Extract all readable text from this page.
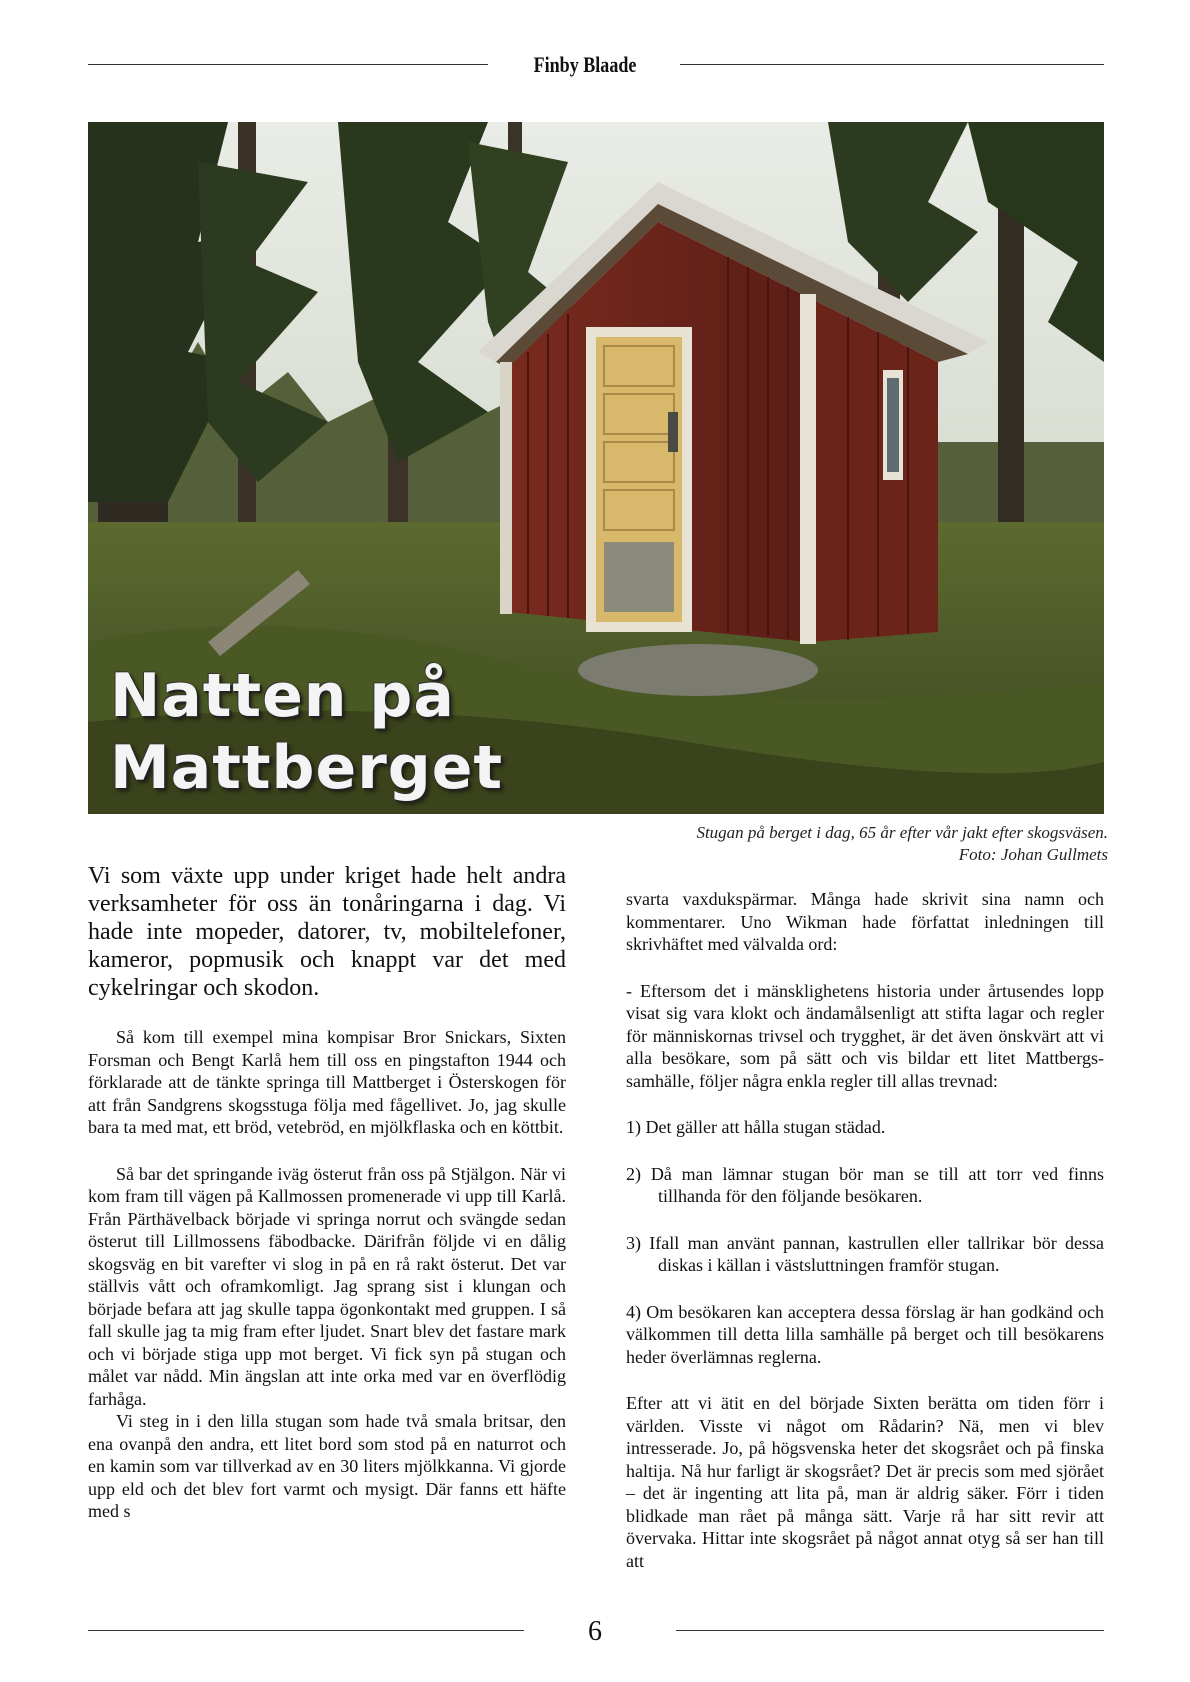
Finby Blaade
Natten på
Mattberget
Stugan på berget i dag, 65 år efter vår jakt efter skogsväsen.
Foto: Johan Gullmets

Vi som växte upp under kriget hade helt andra verksamheter för oss än tonåringarna i dag. Vi hade inte mopeder, datorer, tv, mobiltelefoner, kameror, popmusik och knappt var det med cykelringar och skodon.

Så kom till exempel mina kompisar Bror Snickars, Sixten Forsman och Bengt Karlå hem till oss en pingstafton 1944 och förklarade att de tänkte springa till Mattberget i Österskogen för att från Sandgrens skogsstuga följa med fågellivet. Jo, jag skulle bara ta med mat, ett bröd, vetebröd, en mjölkflaska och en köttbit.

Så bar det springande iväg österut från oss på Stjälgon. När vi kom fram till vägen på Kallmossen promenerade vi upp till Karlå. Från Pärthävelback började vi springa norrut och svängde sedan österut till Lillmossens fäbodbacke. Därifrån följde vi en dålig skogsväg en bit varefter vi slog in på en rå rakt österut. Det var ställvis vått och oframkomligt. Jag sprang sist i klungan och började befara att jag skulle tappa ögonkontakt med gruppen. I så fall skulle jag ta mig fram efter ljudet. Snart blev det fastare mark och vi började stiga upp mot berget. Vi fick syn på stugan och målet var nådd. Min ängslan att inte orka med var en överflödig farhåga.

Vi steg in i den lilla stugan som hade två smala britsar, den ena ovanpå den andra, ett litet bord som stod på en naturrot och en kamin som var tillverkad av en 30 liters mjölkkanna. Vi gjorde upp eld och det blev fort varmt och mysigt. Där fanns ett häfte med s

svarta vaxdukspärmar. Många hade skrivit sina namn och kommentarer. Uno Wikman hade författat inledningen till skrivhäftet med välvalda ord:

- Eftersom det i mänsklighetens historia under årtusendes lopp visat sig vara klokt och ändamålsenligt att stifta lagar och regler för människornas trivsel och trygghet, är det även önskvärt att vi alla besökare, som på sätt och vis bildar ett litet Mattbergs-samhälle, följer några enkla regler till allas trevnad:

1) Det gäller att hålla stugan städad.

2) Då man lämnar stugan bör man se till att torr ved finns tillhanda för den följande besökaren.

3) Ifall man använt pannan, kastrullen eller tallrikar bör dessa diskas i källan i västsluttningen framför stugan.

4) Om besökaren kan acceptera dessa förslag är han godkänd och välkommen till detta lilla samhälle på berget och till besökarens heder överlämnas reglerna.

Efter att vi ätit en del började Sixten berätta om tiden förr i världen. Visste vi något om Rådarin? Nä, men vi blev intresserade. Jo, på högsvenska heter det skogsrået och på finska haltija. Nå hur farligt är skogsrået? Det är precis som med sjörået – det är ingenting att lita på, man är aldrig säker. Förr i tiden blidkade man rået på många sätt. Varje rå har sitt revir att övervaka. Hittar inte skogsrået på något annat otyg så ser han till att

6
